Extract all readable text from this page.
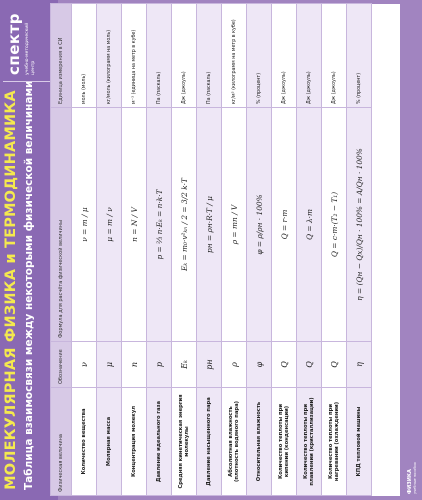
МОЛЕКУЛЯРНАЯ ФИЗИКА и ТЕРМОДИНАМИКА Таблица взаимосвязи между некоторыми физической величинами
спектр учебно-методический центр
Физическая величина	Обозначение	Формула для расчёта физической величины	Единица измерения в СИ
Количество вещества	ν	ν = m / μ	моль (моль)
Молярная масса	μ	μ = m / ν	кг/моль (килограмм на моль)
Концентрация молекул	n	n = N / V	м⁻³ (единица на метр в кубе)
Давление идеального газа	p	p = ⅔ n·Eₖ = n·k·T	Па (паскаль)
Средняя кинетическая энергия молекулы	Eₖ	Eₖ = m₀·v²ₖₙ / 2 = 3/2 k·T	Дж (джоуль)
Давление насыщенного пара	pн	pн = ρн·R·T / μ	Па (паскаль)
Абсолютная влажность (плотность водяного пара)	ρ	ρ = mп / V	кг/м³ (килограмм на метр в кубе)
Относительная влажность	φ	φ = ρ/ρн · 100%	% (процент)
Количество теплоты при кипении (конденсации)	Q	Q = r·m	Дж (джоуль)
Количество теплоты при плавлении (кристаллизации)	Q	Q = λ·m	Дж (джоуль)
Количество теплоты при нагревании (охлаждении)	Q	Q = c·m·(T₂ − T₁)	Дж (джоуль)
КПД тепловой машины	η	η = (Qн − Qх)/Qн · 100% = A/Qн · 100%	% (процент)
ФИЗИКА учебные пособия
